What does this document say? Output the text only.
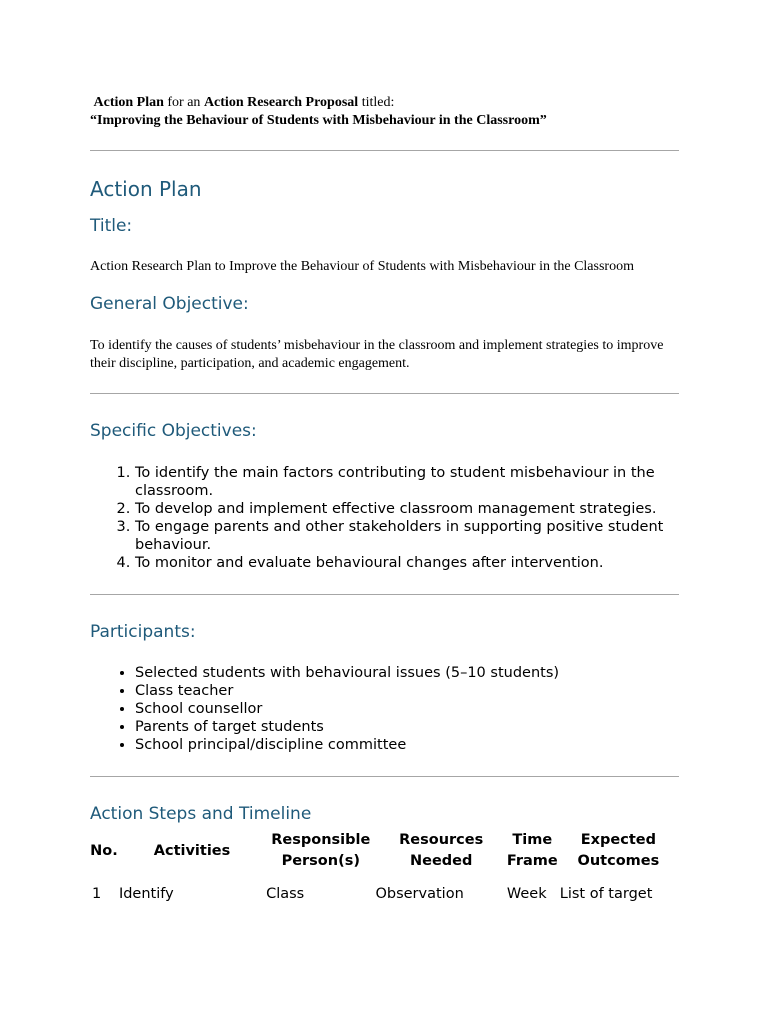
Action Plan for an Action Research Proposal titled:
“Improving the Behaviour of Students with Misbehaviour in the Classroom”
Action Plan
Title:
Action Research Plan to Improve the Behaviour of Students with Misbehaviour in the Classroom
General Objective:
To identify the causes of students’ misbehaviour in the classroom and implement strategies to improve their discipline, participation, and academic engagement.
Specific Objectives:
1. To identify the main factors contributing to student misbehaviour in the classroom.
2. To develop and implement effective classroom management strategies.
3. To engage parents and other stakeholders in supporting positive student behaviour.
4. To monitor and evaluate behavioural changes after intervention.
Participants:
• Selected students with behavioural issues (5–10 students)
• Class teacher
• School counsellor
• Parents of target students
• School principal/discipline committee
Action Steps and Timeline
No.	Activities	Responsible Person(s)	Resources Needed	Time Frame	Expected Outcomes
1	Identify	Class	Observation	Week	List of target
